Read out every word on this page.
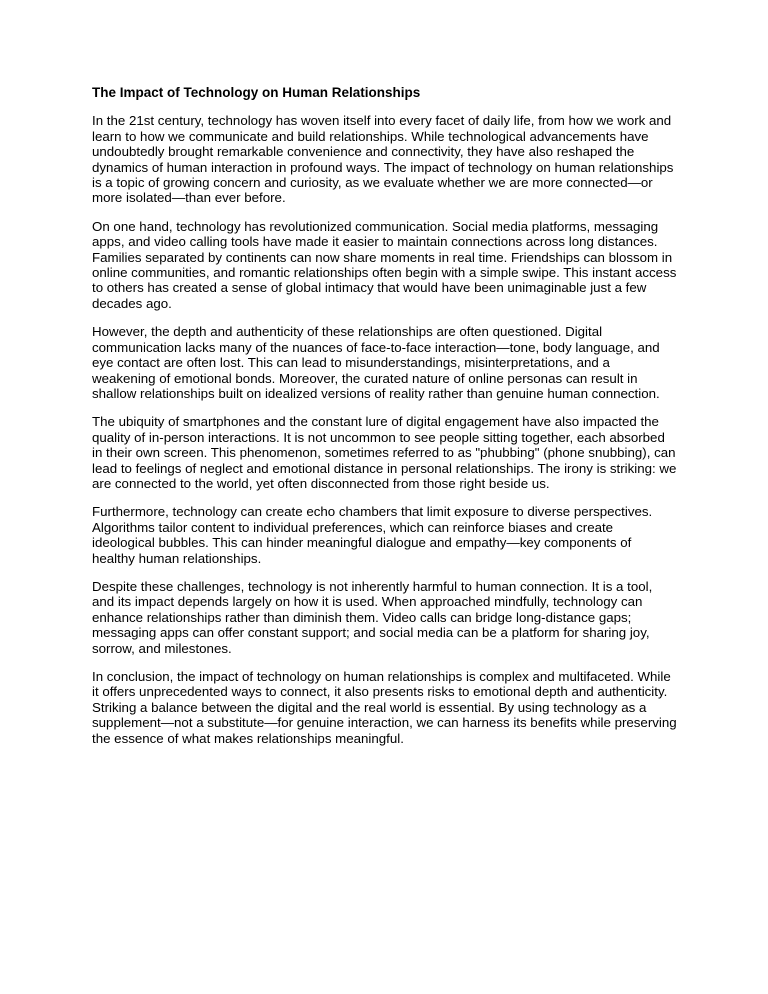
The Impact of Technology on Human Relationships

In the 21st century, technology has woven itself into every facet of daily life, from how we work and learn to how we communicate and build relationships. While technological advancements have undoubtedly brought remarkable convenience and connectivity, they have also reshaped the dynamics of human interaction in profound ways. The impact of technology on human relationships is a topic of growing concern and curiosity, as we evaluate whether we are more connected—or more isolated—than ever before.

On one hand, technology has revolutionized communication. Social media platforms, messaging apps, and video calling tools have made it easier to maintain connections across long distances. Families separated by continents can now share moments in real time. Friendships can blossom in online communities, and romantic relationships often begin with a simple swipe. This instant access to others has created a sense of global intimacy that would have been unimaginable just a few decades ago.

However, the depth and authenticity of these relationships are often questioned. Digital communication lacks many of the nuances of face-to-face interaction—tone, body language, and eye contact are often lost. This can lead to misunderstandings, misinterpretations, and a weakening of emotional bonds. Moreover, the curated nature of online personas can result in shallow relationships built on idealized versions of reality rather than genuine human connection.

The ubiquity of smartphones and the constant lure of digital engagement have also impacted the quality of in-person interactions. It is not uncommon to see people sitting together, each absorbed in their own screen. This phenomenon, sometimes referred to as "phubbing" (phone snubbing), can lead to feelings of neglect and emotional distance in personal relationships. The irony is striking: we are connected to the world, yet often disconnected from those right beside us.

Furthermore, technology can create echo chambers that limit exposure to diverse perspectives. Algorithms tailor content to individual preferences, which can reinforce biases and create ideological bubbles. This can hinder meaningful dialogue and empathy—key components of healthy human relationships.

Despite these challenges, technology is not inherently harmful to human connection. It is a tool, and its impact depends largely on how it is used. When approached mindfully, technology can enhance relationships rather than diminish them. Video calls can bridge long-distance gaps; messaging apps can offer constant support; and social media can be a platform for sharing joy, sorrow, and milestones.

In conclusion, the impact of technology on human relationships is complex and multifaceted. While it offers unprecedented ways to connect, it also presents risks to emotional depth and authenticity. Striking a balance between the digital and the real world is essential. By using technology as a supplement—not a substitute—for genuine interaction, we can harness its benefits while preserving the essence of what makes relationships meaningful.
